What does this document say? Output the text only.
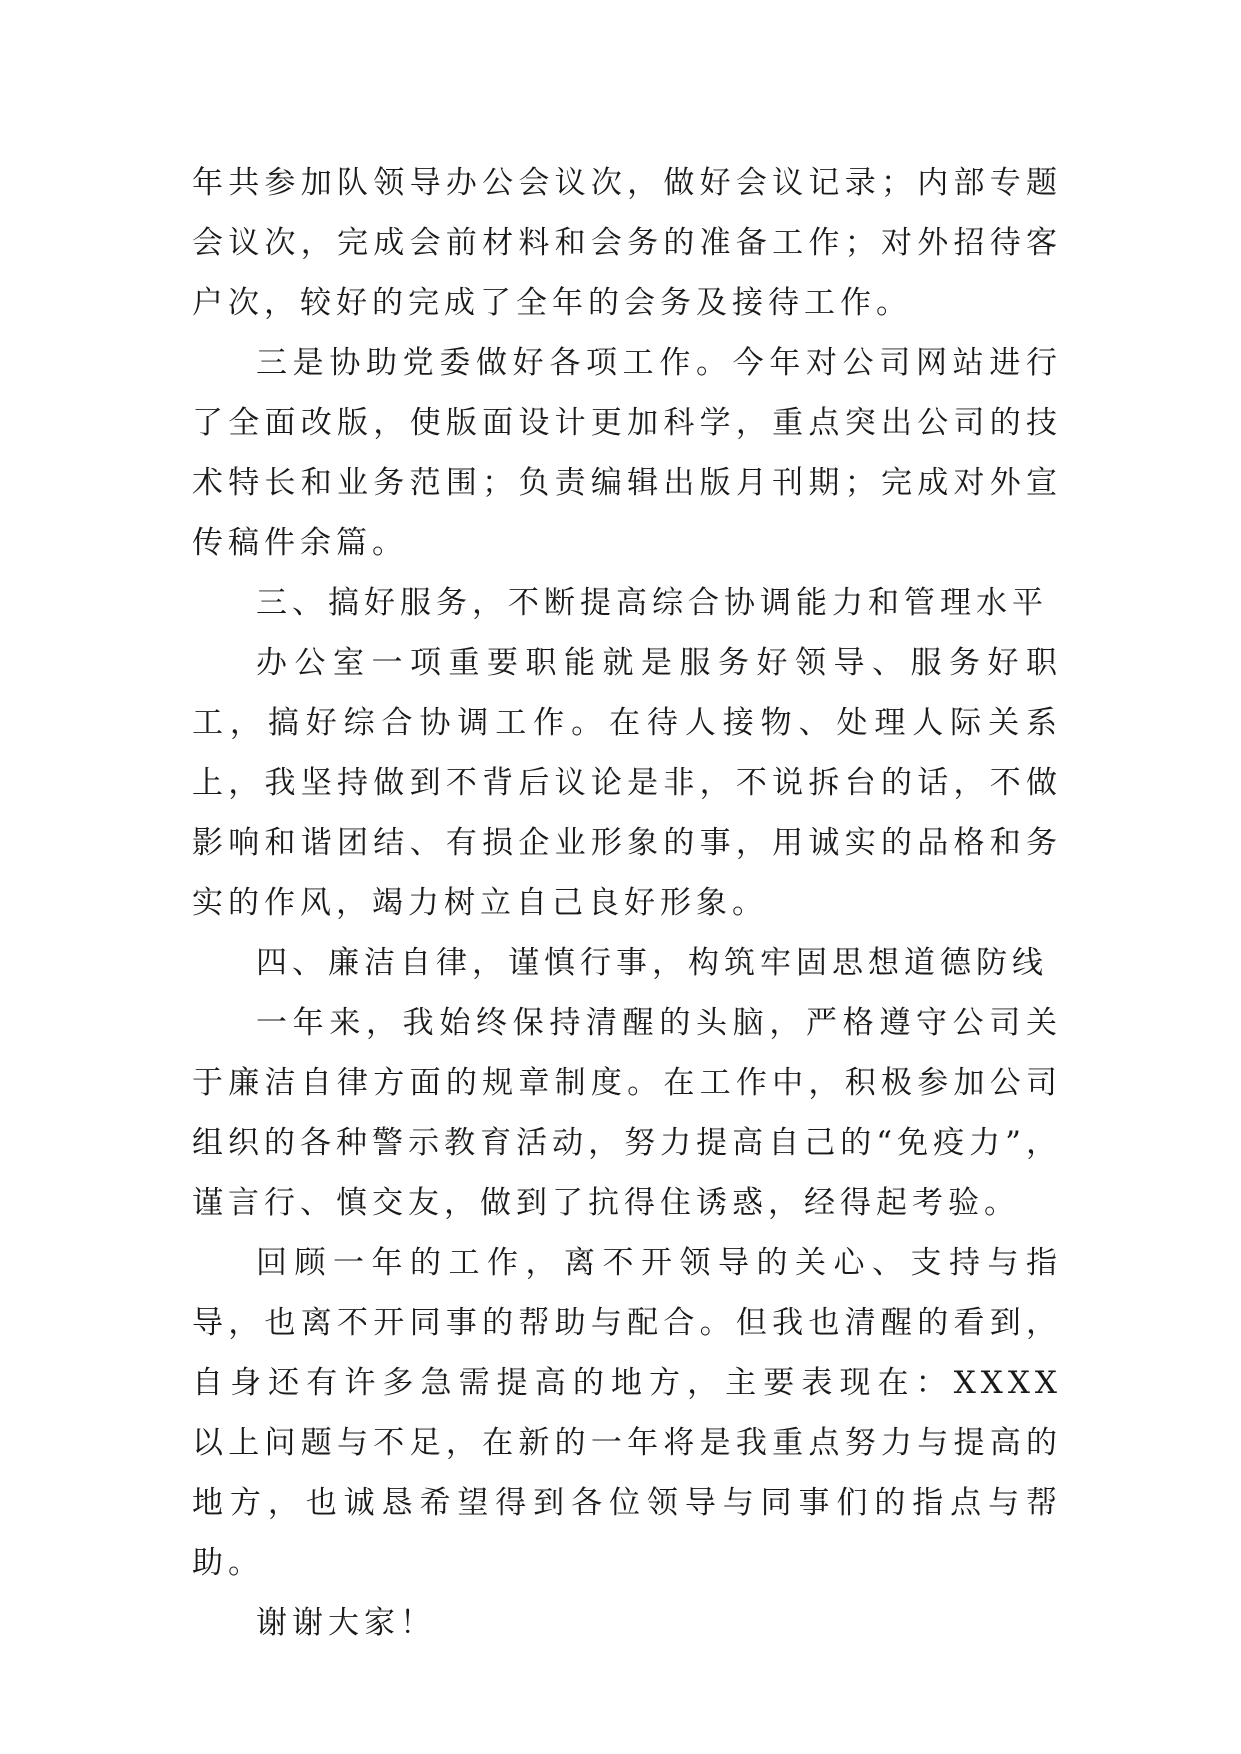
年共参加队领导办公会议次，做好会议记录；内部专题会议次，完成会前材料和会务的准备工作；对外招待客户次，较好的完成了全年的会务及接待工作。

三是协助党委做好各项工作。今年对公司网站进行了全面改版，使版面设计更加科学，重点突出公司的技术特长和业务范围；负责编辑出版月刊期；完成对外宣传稿件余篇。

三、搞好服务，不断提高综合协调能力和管理水平

办公室一项重要职能就是服务好领导、服务好职工，搞好综合协调工作。在待人接物、处理人际关系上，我坚持做到不背后议论是非，不说拆台的话，不做影响和谐团结、有损企业形象的事，用诚实的品格和务实的作风，竭力树立自己良好形象。

四、廉洁自律，谨慎行事，构筑牢固思想道德防线

一年来，我始终保持清醒的头脑，严格遵守公司关于廉洁自律方面的规章制度。在工作中，积极参加公司组织的各种警示教育活动，努力提高自己的“免疫力”，谨言行、慎交友，做到了抗得住诱惑，经得起考验。

回顾一年的工作，离不开领导的关心、支持与指导，也离不开同事的帮助与配合。但我也清醒的看到，自身还有许多急需提高的地方，主要表现在：XXXX 以上问题与不足，在新的一年将是我重点努力与提高的地方，也诚恳希望得到各位领导与同事们的指点与帮助。

谢谢大家！
